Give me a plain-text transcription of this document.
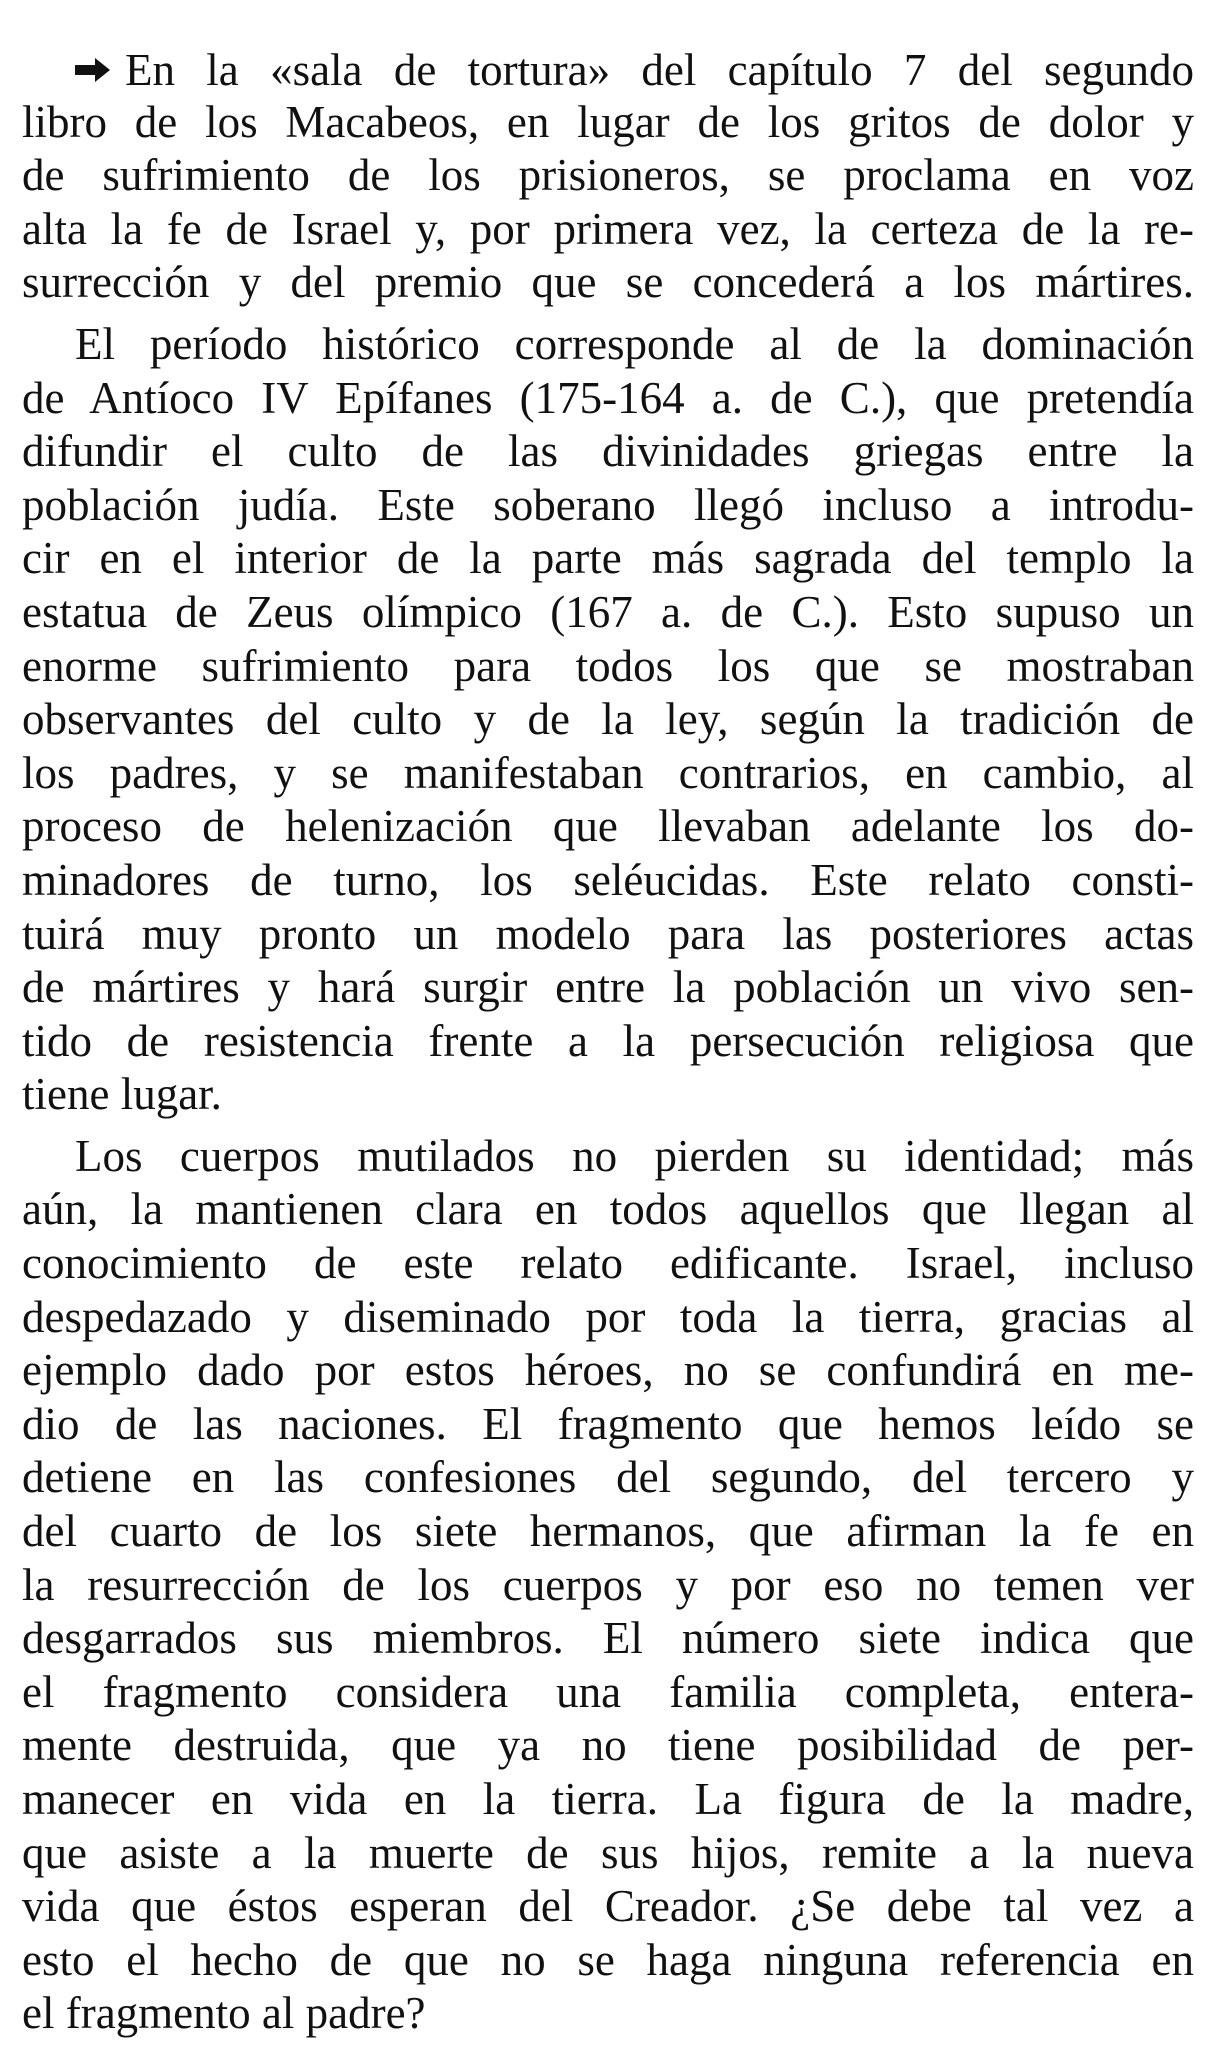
En la «sala de tortura» del capítulo 7 del segundo
libro de los Macabeos, en lugar de los gritos de dolor y
de sufrimiento de los prisioneros, se proclama en voz
alta la fe de Israel y, por primera vez, la certeza de la re-
surrección y del premio que se concederá a los mártires.
El período histórico corresponde al de la dominación
de Antíoco IV Epífanes (175-164 a. de C.), que pretendía
difundir el culto de las divinidades griegas entre la
población judía. Este soberano llegó incluso a introdu-
cir en el interior de la parte más sagrada del templo la
estatua de Zeus olímpico (167 a. de C.). Esto supuso un
enorme sufrimiento para todos los que se mostraban
observantes del culto y de la ley, según la tradición de
los padres, y se manifestaban contrarios, en cambio, al
proceso de helenización que llevaban adelante los do-
minadores de turno, los seléucidas. Este relato consti-
tuirá muy pronto un modelo para las posteriores actas
de mártires y hará surgir entre la población un vivo sen-
tido de resistencia frente a la persecución religiosa que
tiene lugar.
Los cuerpos mutilados no pierden su identidad; más
aún, la mantienen clara en todos aquellos que llegan al
conocimiento de este relato edificante. Israel, incluso
despedazado y diseminado por toda la tierra, gracias al
ejemplo dado por estos héroes, no se confundirá en me-
dio de las naciones. El fragmento que hemos leído se
detiene en las confesiones del segundo, del tercero y
del cuarto de los siete hermanos, que afirman la fe en
la resurrección de los cuerpos y por eso no temen ver
desgarrados sus miembros. El número siete indica que
el fragmento considera una familia completa, entera-
mente destruida, que ya no tiene posibilidad de per-
manecer en vida en la tierra. La figura de la madre,
que asiste a la muerte de sus hijos, remite a la nueva
vida que éstos esperan del Creador. ¿Se debe tal vez a
esto el hecho de que no se haga ninguna referencia en
el fragmento al padre?
